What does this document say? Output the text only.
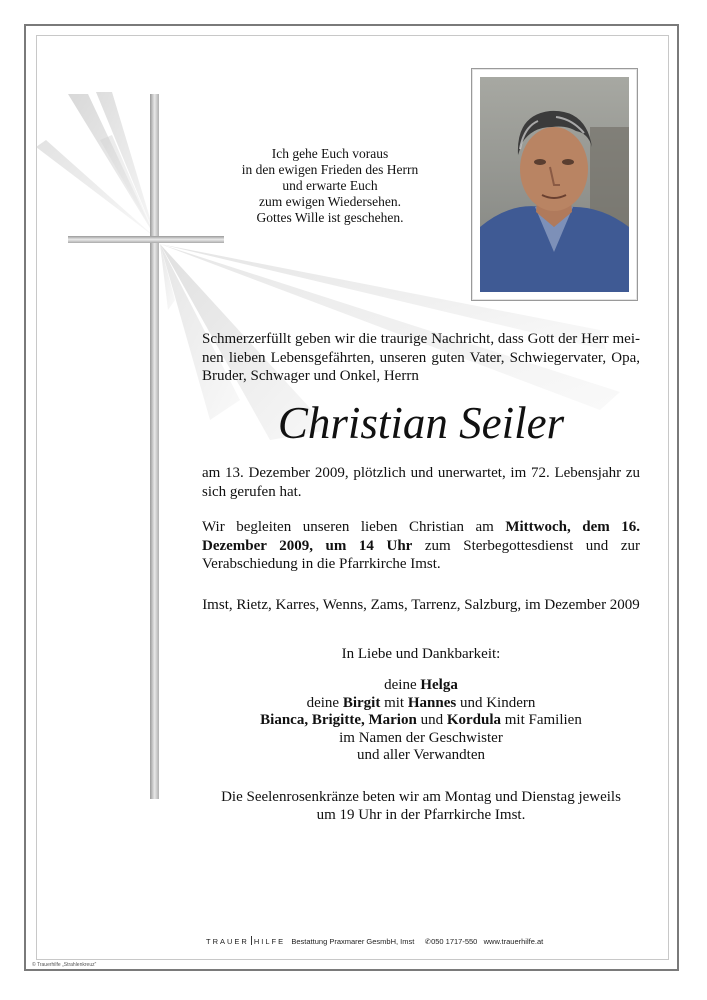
Ich gehe Euch voraus
in den ewigen Frieden des Herrn
und erwarte Euch
zum ewigen Wiedersehen.
Gottes Wille ist geschehen.
Schmerzerfüllt geben wir die traurige Nachricht, dass Gott der Herr mei-nen lieben Lebensgefährten, unseren guten Vater, Schwiegervater, Opa, Bruder, Schwager und Onkel, Herrn
Christian Seiler
am 13. Dezember 2009, plötzlich und unerwartet, im 72. Lebensjahr zu sich gerufen hat.
Wir begleiten unseren lieben Christian am Mittwoch, dem 16. Dezember 2009, um 14 Uhr zum Sterbegottesdienst und zur Verabschiedung in die Pfarrkirche Imst.
Imst, Rietz, Karres, Wenns, Zams, Tarrenz, Salzburg, im Dezember 2009
In Liebe und Dankbarkeit:
deine Helga
deine Birgit mit Hannes und Kindern
Bianca, Brigitte, Marion und Kordula mit Familien
im Namen der Geschwister
und aller Verwandten
Die Seelenrosenkränze beten wir am Montag und Dienstag jeweils
um 19 Uhr in der Pfarrkirche Imst.
TRAUER HILFE Bestattung Praxmarer GesmbH, Imst ✆050 1717-550 www.trauerhilfe.at
© Trauerhilfe „Strahlenkreuz“
